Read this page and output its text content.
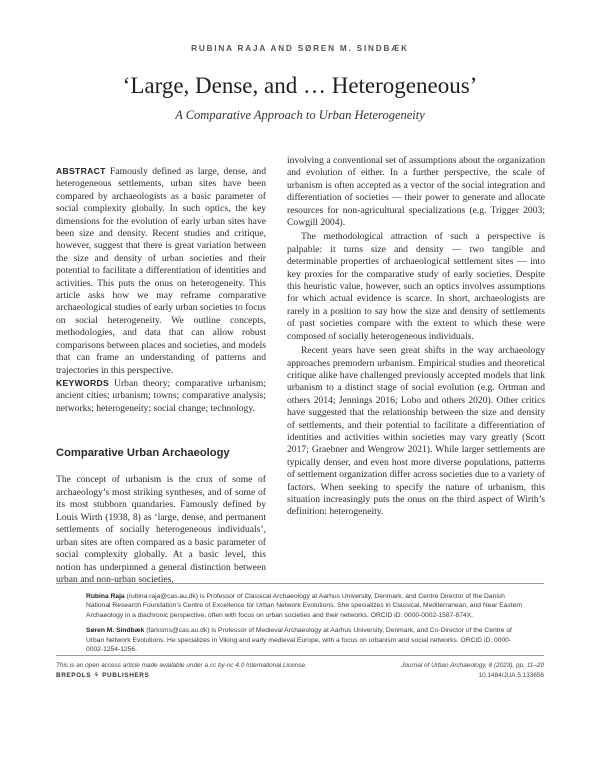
RUBINA RAJA AND SØREN M. SINDBÆK
‘Large, Dense, and … Heterogeneous’
A Comparative Approach to Urban Heterogeneity

ABSTRACT Famously defined as large, dense, and heterogeneous settlements, urban sites have been compared by archaeologists as a basic parameter of social complexity globally. In such optics, the key dimensions for the evolution of early urban sites have been size and density. Recent studies and critique, however, suggest that there is great variation between the size and density of urban societies and their potential to facilitate a differentiation of identities and activities. This puts the onus on heterogeneity. This article asks how we may reframe comparative archaeological studies of early urban societies to focus on social heterogeneity. We outline concepts, methodologies, and data that can allow robust comparisons between places and societies, and models that can frame an understanding of patterns and trajectories in this perspective.

KEYWORDS Urban theory; comparative urbanism; ancient cities; urbanism; towns; comparative analysis; networks; heterogeneity; social change; technology.

Comparative Urban Archaeology

The concept of urbanism is the crux of some of archaeology’s most striking syntheses, and of some of its most stubborn quandaries. Famously defined by Louis Wirth (1938, 8) as ‘large, dense, and permanent settlements of socially heterogeneous individuals’, urban sites are often compared as a basic parameter of social complexity globally. At a basic level, this notion has underpinned a general distinction between urban and non-urban societies,

involving a conventional set of assumptions about the organization and evolution of either. In a further perspective, the scale of urbanism is often accepted as a vector of the social integration and differentiation of societies — their power to generate and allocate resources for non-agricultural specializations (e.g. Trigger 2003; Cowgill 2004).

The methodological attraction of such a perspective is palpable: it turns size and density — two tangible and determinable properties of archaeological settlement sites — into key proxies for the comparative study of early societies. Despite this heuristic value, however, such an optics involves assumptions for which actual evidence is scarce. In short, archaeologists are rarely in a position to say how the size and density of settlements of past societies compare with the extent to which these were composed of socially heterogeneous individuals.

Recent years have seen great shifts in the way archaeology approaches premodern urbanism. Empirical studies and theoretical critique alike have challenged previously accepted models that link urbanism to a distinct stage of social evolution (e.g. Ortman and others 2014; Jennings 2016; Lobo and others 2020). Other critics have suggested that the relationship between the size and density of settlements, and their potential to facilitate a differentiation of identities and activities within societies may vary greatly (Scott 2017; Graebner and Wengrow 2021). While larger settlements are typically denser, and even host more diverse populations, patterns of settlement organization differ across societies due to a variety of factors. When seeking to specify the nature of urbanism, this situation increasingly puts the onus on the third aspect of Wirth’s definition: heterogeneity.

Rubina Raja (rubina.raja@cas.au.dk) is Professor of Classical Archaeology at Aarhus University, Denmark, and Centre Director of the Danish National Research Foundation’s Centre of Excellence for Urban Network Evolutions. She specializes in Classical, Mediterranean, and Near Eastern Archaeology in a diachronic perspective, often with focus on urban societies and their networks. ORCID iD: 0000-0002-1587-874X.

Søren M. Sindbæk (farksms@cas.au.dk) is Professor of Medieval Archaeology at Aarhus University, Denmark, and Co-Director of the Centre of Urban Network Evolutions. He specializes in Viking and early medieval Europe, with a focus on urbanism and social networks. ORCID iD: 0000-0002-1254-1256.

This is an open access article made available under a cc by-nc 4.0 International License.
BREPOLS ⚘ PUBLISHERS
Journal of Urban Archaeology, 8 (2023), pp. 11–20
10.1484/JUA.5.133656
